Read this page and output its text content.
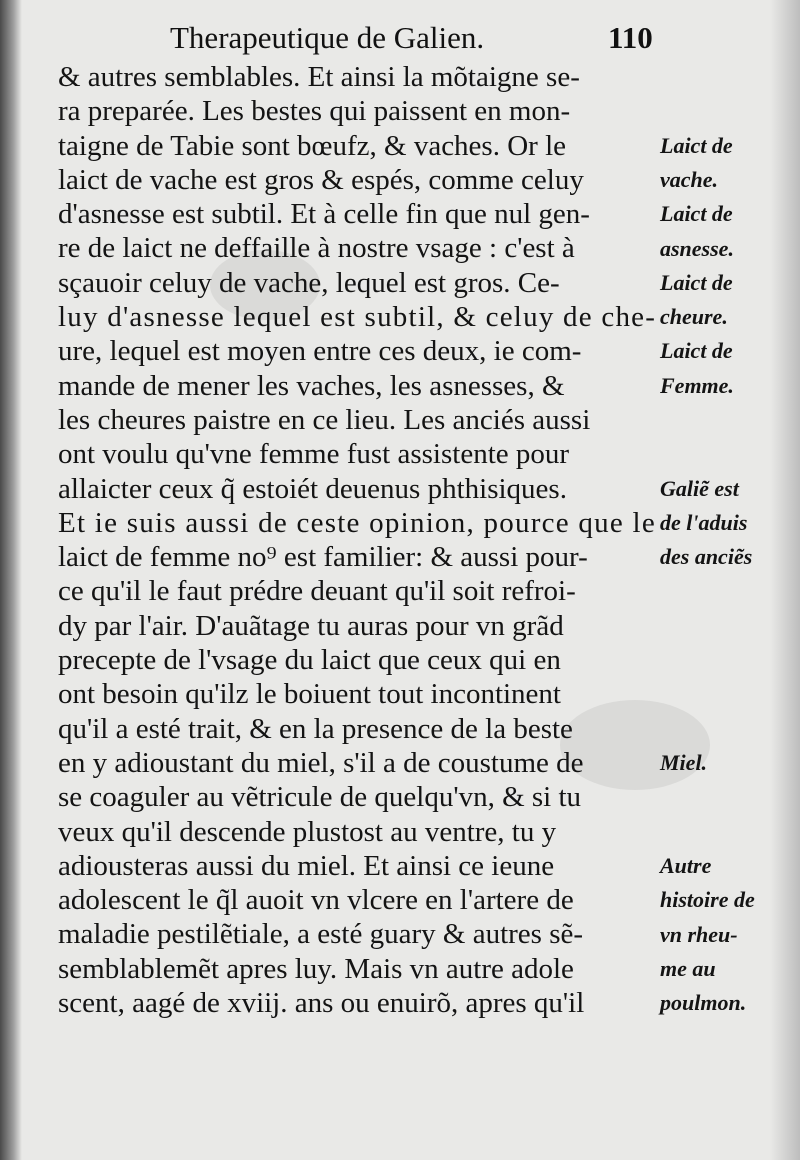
Therapeutique de Galien.	110
& autres semblables. Et ainsi la mõtaigne se-
ra preparée. Les bestes qui paissent en mon-
taigne de Tabie sont bœufz, & vaches. Or le
laict de vache est gros & espés, comme celuy
d'asnesse est subtil. Et à celle fin que nul gen-
re de laict ne deffaille à nostre vsage : c'est à
sçauoir celuy de vache, lequel est gros. Ce-
luy d'asnesse lequel est subtil, & celuy de che-
ure, lequel est moyen entre ces deux, ie com-
mande de mener les vaches, les asnesses, &
les cheures paistre en ce lieu. Les anciés aussi
ont voulu qu'vne femme fust assistente pour
allaicter ceux q̃ estoiét deuenus phthisiques.
Et ie suis aussi de ceste opinion, pource que le
laict de femme no⁹ est familier: & aussi pour-
ce qu'il le faut prédre deuant qu'il soit refroi-
dy par l'air. D'auãtage tu auras pour vn grãd
precepte de l'vsage du laict que ceux qui en
ont besoin qu'ilz le boiuent tout incontinent
qu'il a esté trait, & en la presence de la beste
en y adioustant du miel, s'il a de coustume de
se coaguler au vẽtricule de quelqu'vn, & si tu
veux qu'il descende plustost au ventre, tu y
adiousteras aussi du miel. Et ainsi ce ieune
adolescent le q̃l auoit vn vlcere en l'artere de
maladie pestilẽtiale, a esté guary & autres sẽ-
semblablemẽt apres luy. Mais vn autre adole
scent, aagé de xviij. ans ou enuirõ, apres qu'il
Laict de
vache.
Laict de
asnesse.
Laict de
cheure.
Laict de
Femme.
Galiẽ est
de l'aduis
des anciẽs
Miel.
Autre
histoire de
vn rheu-
me au
poulmon.
